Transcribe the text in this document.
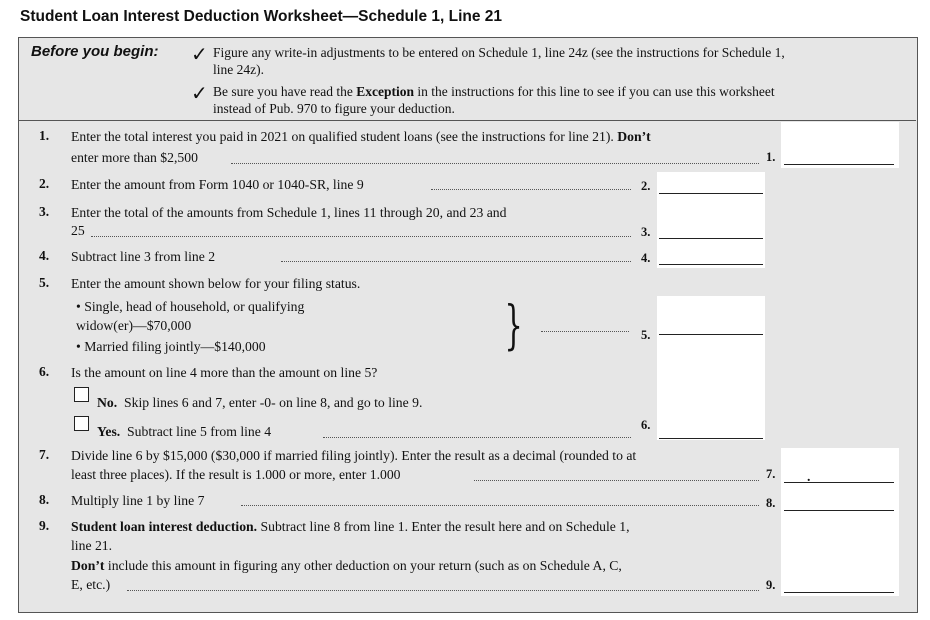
Student Loan Interest Deduction Worksheet—Schedule 1, Line 21
Before you begin: ✓ Figure any write-in adjustments to be entered on Schedule 1, line 24z (see the instructions for Schedule 1,
line 24z).
✓ Be sure you have read the Exception in the instructions for this line to see if you can use this worksheet
instead of Pub. 970 to figure your deduction.
1. Enter the total interest you paid in 2021 on qualified student loans (see the instructions for line 21). Don’t
enter more than $2,500	1.
2. Enter the amount from Form 1040 or 1040-SR, line 9	2.
3. Enter the total of the amounts from Schedule 1, lines 11 through 20, and 23 and
25	3.
4. Subtract line 3 from line 2	4.
5. Enter the amount shown below for your filing status.
• Single, head of household, or qualifying
widow(er)—$70,000
• Married filing jointly—$140,000	}	5.
6. Is the amount on line 4 more than the amount on line 5?
No. Skip lines 6 and 7, enter -0- on line 8, and go to line 9.
Yes. Subtract line 5 from line 4	6.
7. Divide line 6 by $15,000 ($30,000 if married filing jointly). Enter the result as a decimal (rounded to at
least three places). If the result is 1.000 or more, enter 1.000	7. .
8. Multiply line 1 by line 7	8.
9. Student loan interest deduction. Subtract line 8 from line 1. Enter the result here and on Schedule 1,
line 21.
Don’t include this amount in figuring any other deduction on your return (such as on Schedule A, C,
E, etc.)	9.
